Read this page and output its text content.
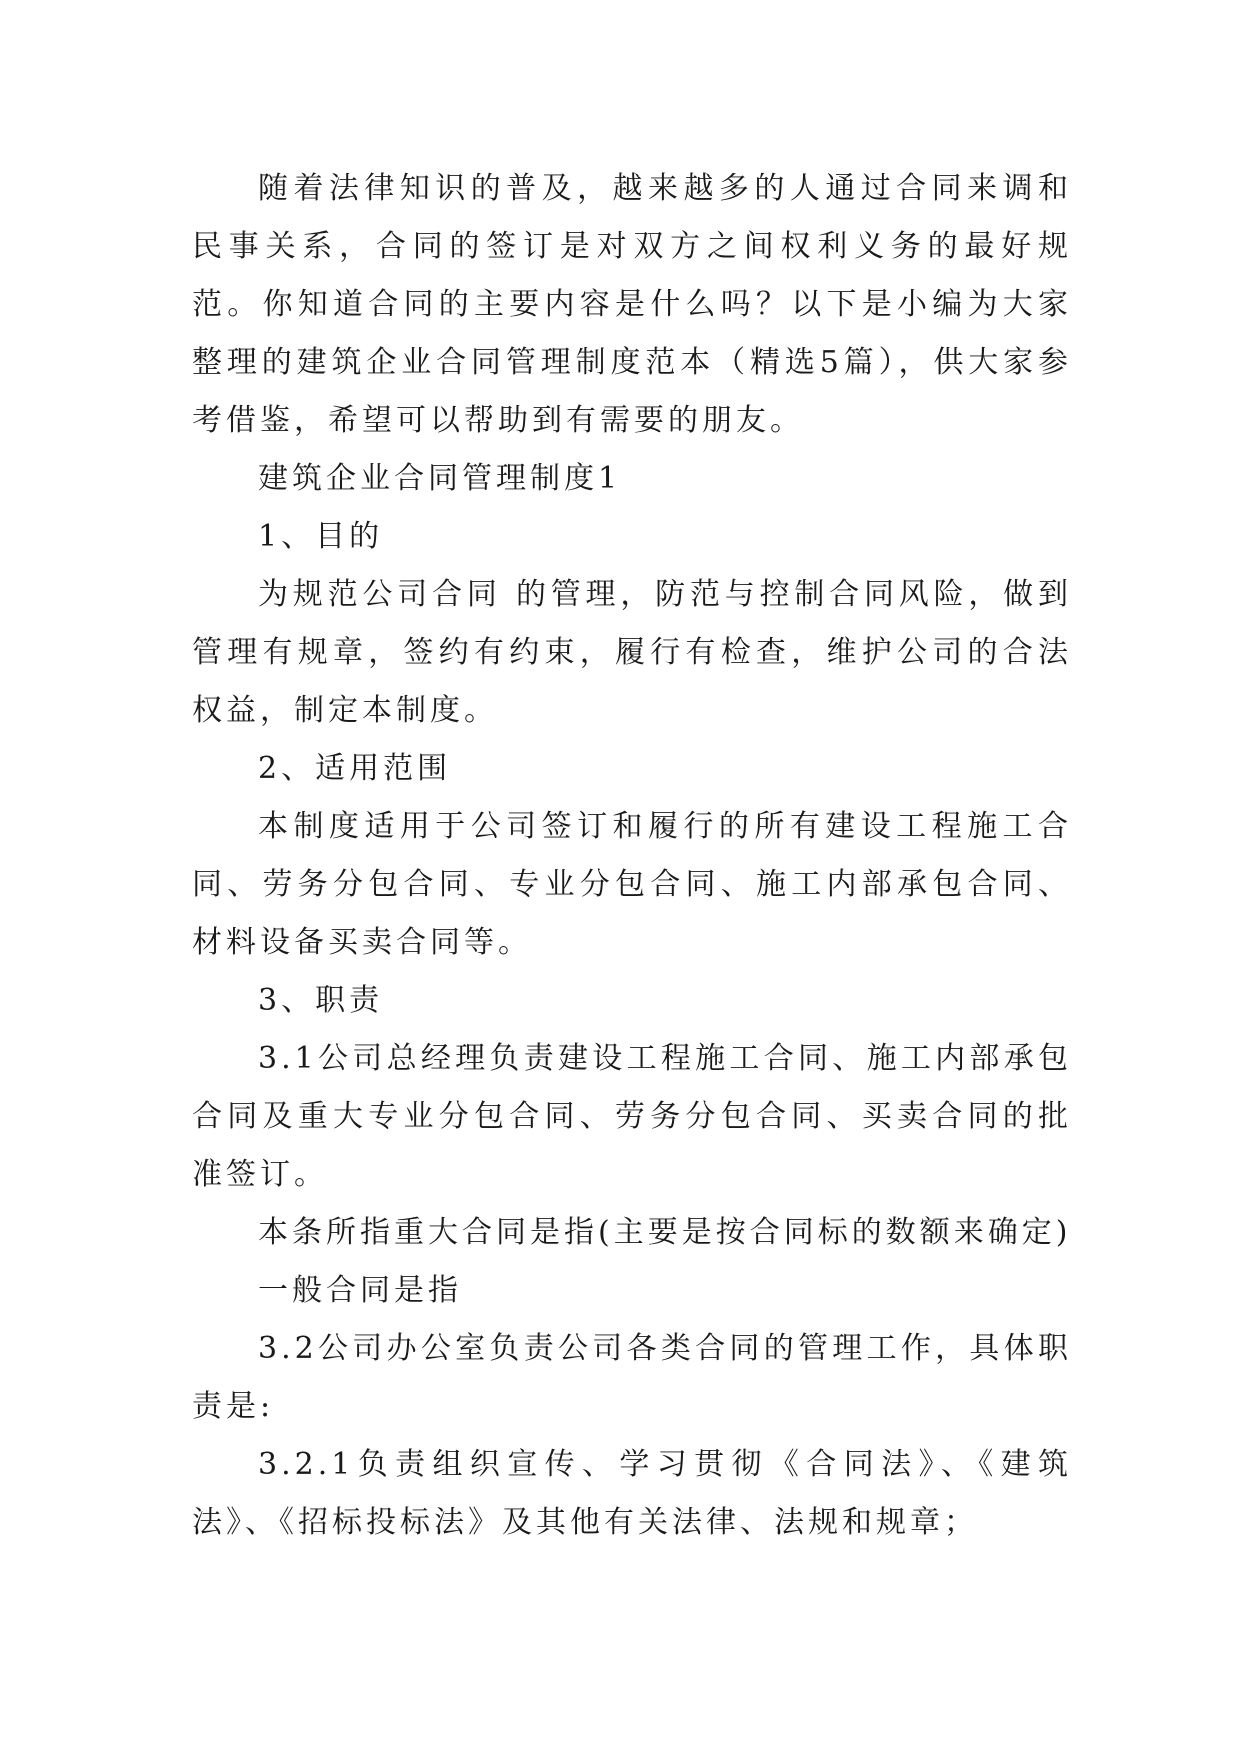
随着法律知识的普及，越来越多的人通过合同来调和民事关系，合同的签订是对双方之间权利义务的最好规范。你知道合同的主要内容是什么吗？以下是小编为大家整理的建筑企业合同管理制度范本（精选5篇），供大家参考借鉴，希望可以帮助到有需要的朋友。

建筑企业合同管理制度1

1、目的

为规范公司合同 的管理，防范与控制合同风险，做到管理有规章，签约有约束，履行有检查，维护公司的合法权益，制定本制度。

2、适用范围

本制度适用于公司签订和履行的所有建设工程施工合同、劳务分包合同、专业分包合同、施工内部承包合同、材料设备买卖合同等。

3、职责

3.1公司总经理负责建设工程施工合同、施工内部承包合同及重大专业分包合同、劳务分包合同、买卖合同的批准签订。

本条所指重大合同是指(主要是按合同标的数额来确定)

一般合同是指

3.2公司办公室负责公司各类合同的管理工作，具体职责是:

3.2.1负责组织宣传、学习贯彻《合同法》、《建筑法》、《招标投标法》及其他有关法律、法规和规章；
